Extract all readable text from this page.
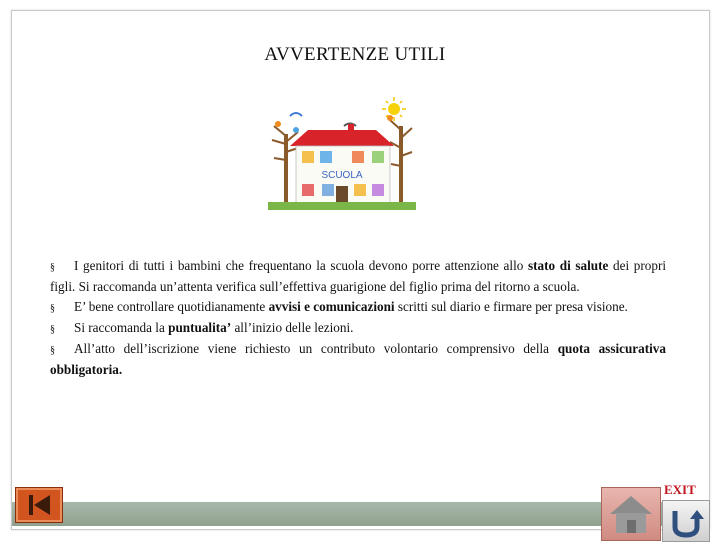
AVVERTENZE UTILI
SCUOLA

§ I genitori di tutti i bambini che frequentano la scuola devono porre attenzione allo stato di salute dei propri figli. Si raccomanda un’attenta verifica sull’effettiva guarigione del figlio prima del ritorno a scuola.

§ E’ bene controllare quotidianamente avvisi e comunicazioni scritti sul diario e firmare per presa visione.

§ Si raccomanda la puntualita’ all’inizio delle lezioni.

§ All’atto dell’iscrizione viene richiesto un contributo volontario comprensivo della quota assicurativa obbligatoria.

EXIT
